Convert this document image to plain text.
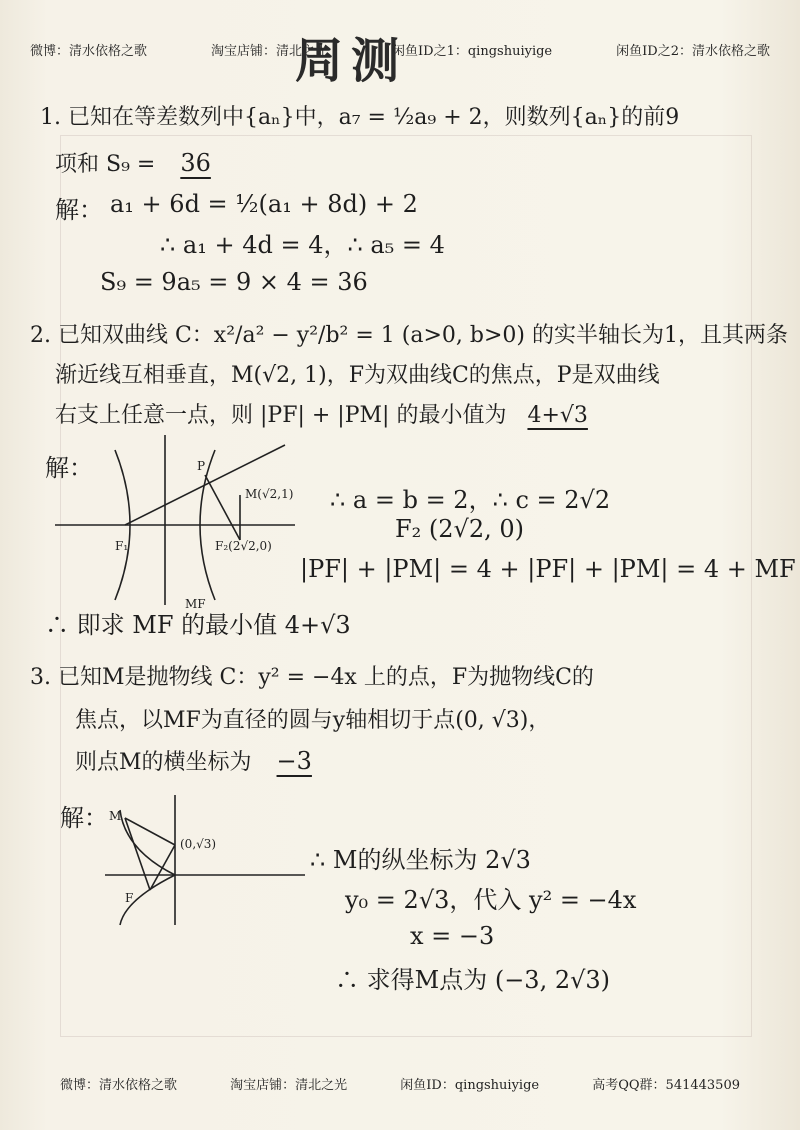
微博：清水依格之歌	淘宝店铺：清北之光	闲鱼ID之1：qingshuiyige	闲鱼ID之2：清水依格之歌
周测
1. 已知在等差数列中{aₙ}中，a₇ = ½a₉ + 2，则数列{aₙ}的前9
项和 S₉ = 36
解： a₁ + 6d = ½(a₁ + 8d) + 2
∴ a₁ + 4d = 4，∴ a₅ = 4
S₉ = 9a₅ = 9 × 4 = 36
2. 已知双曲线 C：x²/a² − y²/b² = 1 (a>0, b>0) 的实半轴长为1，且其两条
渐近线互相垂直，M(√2, 1)，F为双曲线C的焦点，P是双曲线
右支上任意一点，则 |PF| + |PM| 的最小值为 4+√3
解：	P
M(√2,1)
F₁	F₂(2√2,0)
MF
∴ a = b = 2，∴ c = 2√2
F₂ (2√2, 0)
|PF| + |PM| = 4 + |PF| + |PM| = 4 + MF
∴ 即求 MF 的最小值 4+√3
3. 已知M是抛物线 C：y² = −4x 上的点，F为抛物线C的
焦点，以MF为直径的圆与y轴相切于点(0, √3)，
则点M的横坐标为 −3
解： M
F
(0,√3)
∴ M的纵坐标为 2√3
y₀ = 2√3，代入 y² = −4x
x = −3
∴ 求得M点为 (−3, 2√3)
微博：清水依格之歌	淘宝店铺：清北之光	闲鱼ID：qingshuiyige	高考QQ群：541443509
